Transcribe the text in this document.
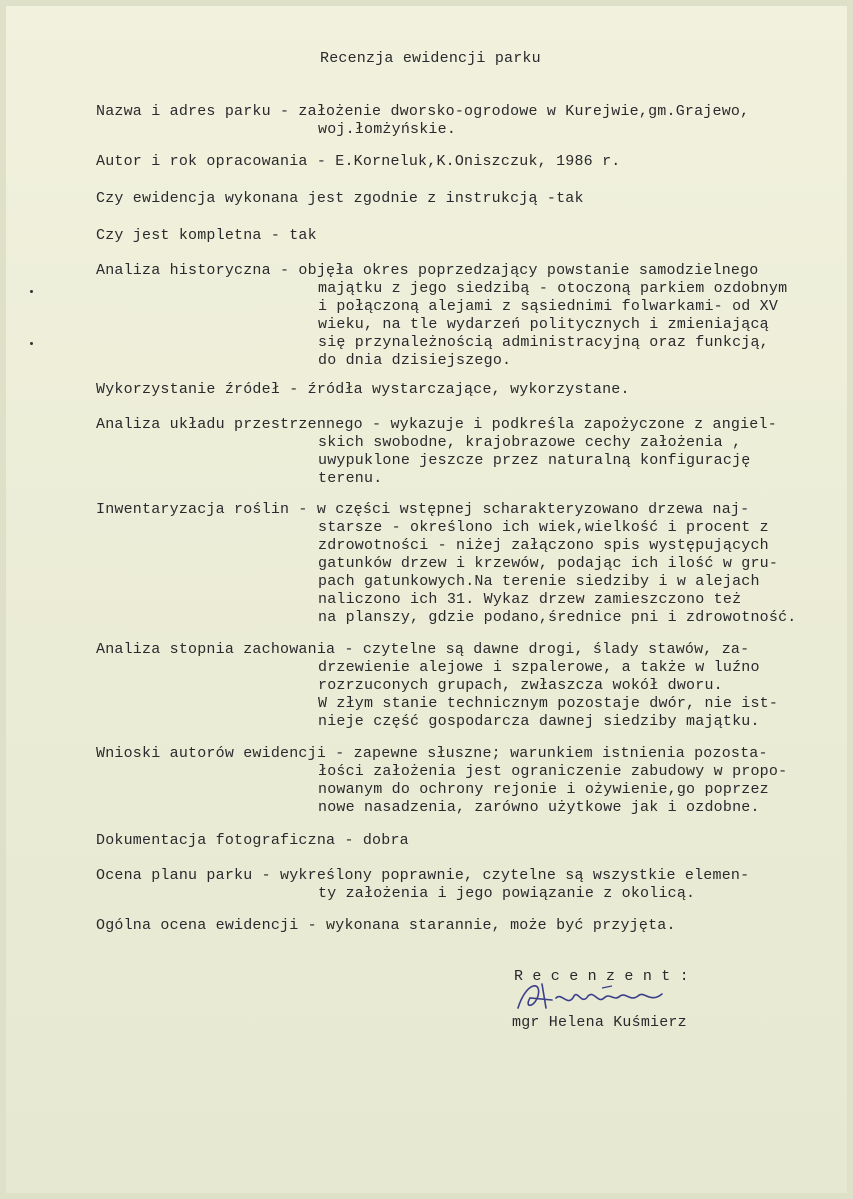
Recenzja ewidencji parku
Nazwa i adres parku - założenie dworsko-ogrodowe w Kurejwie,gm.Grajewo,
woj.łomżyńskie.
Autor i rok opracowania - E.Korneluk,K.Oniszczuk, 1986 r.
Czy ewidencja wykonana jest zgodnie z instrukcją -tak
Czy jest kompletna - tak
Analiza historyczna - objęła okres poprzedzający powstanie samodzielnego
majątku z jego siedzibą - otoczoną parkiem ozdobnym
i połączoną alejami z sąsiednimi folwarkami- od XV
wieku, na tle wydarzeń politycznych i zmieniającą
się przynależnością administracyjną oraz funkcją,
do dnia dzisiejszego.
Wykorzystanie źródeł - źródła wystarczające, wykorzystane.
Analiza układu przestrzennego - wykazuje i podkreśla zapożyczone z angiel-
skich swobodne, krajobrazowe cechy założenia ,
uwypuklone jeszcze przez naturalną konfigurację
terenu.
Inwentaryzacja roślin - w części wstępnej scharakteryzowano drzewa naj-
starsze - określono ich wiek,wielkość i procent z
zdrowotności - niżej załączono spis występujących
gatunków drzew i krzewów, podając ich ilość w gru-
pach gatunkowych.Na terenie siedziby i w alejach
naliczono ich 31. Wykaz drzew zamieszczono też
na planszy, gdzie podano,średnice pni i zdrowotność.
Analiza stopnia zachowania - czytelne są dawne drogi, ślady stawów, za-
drzewienie alejowe i szpalerowe, a także w luźno
rozrzuconych grupach, zwłaszcza wokół dworu.
W złym stanie technicznym pozostaje dwór, nie ist-
nieje część gospodarcza dawnej siedziby majątku.
Wnioski autorów ewidencji - zapewne słuszne; warunkiem istnienia pozosta-
łości założenia jest ograniczenie zabudowy w propo-
nowanym do ochrony rejonie i ożywienie,go poprzez
nowe nasadzenia, zarówno użytkowe jak i ozdobne.
Dokumentacja fotograficzna - dobra
Ocena planu parku - wykreślony poprawnie, czytelne są wszystkie elemen-
ty założenia i jego powiązanie z okolicą.
Ogólna ocena ewidencji - wykonana starannie, może być przyjęta.
R e c e n z e n t :
mgr Helena Kuśmierz
